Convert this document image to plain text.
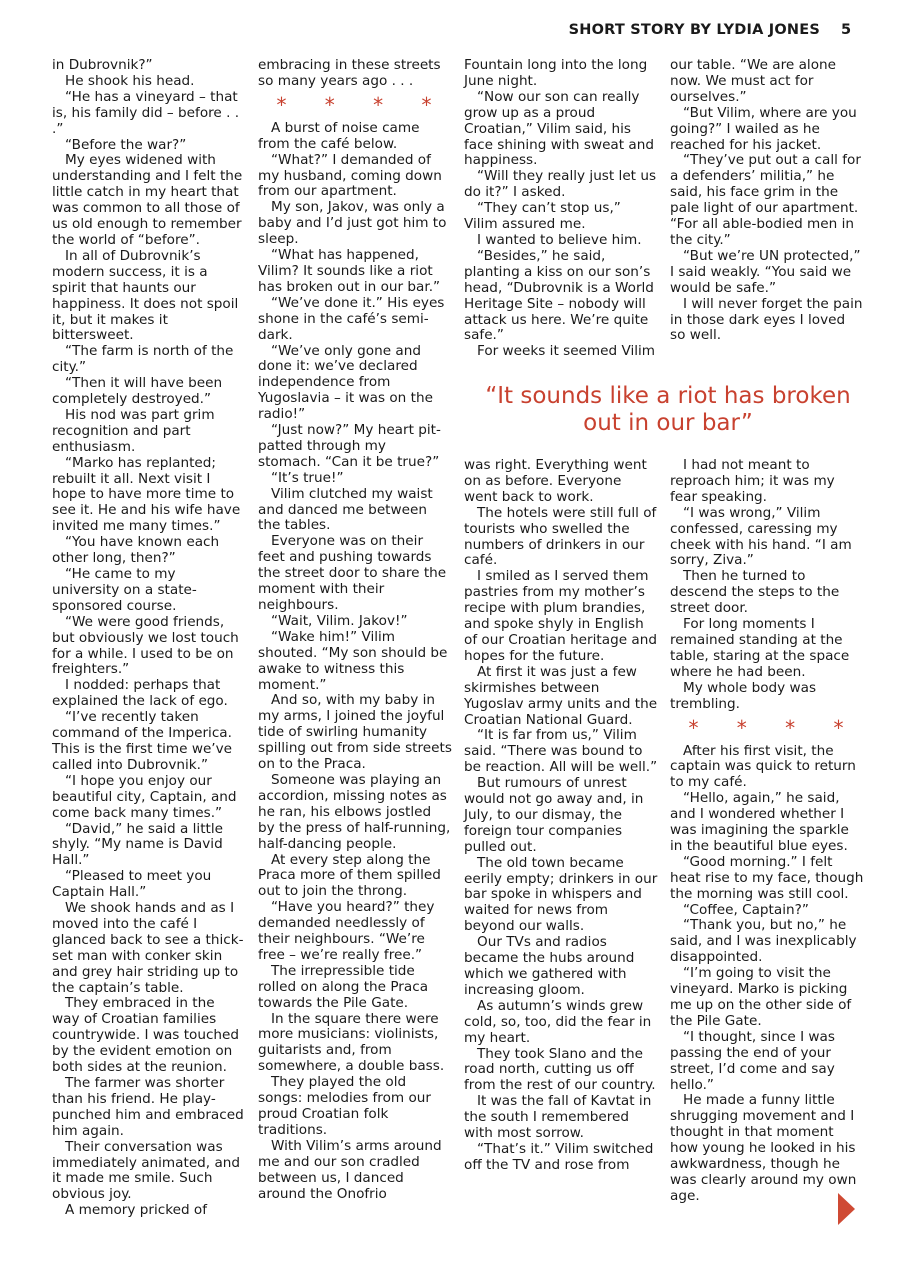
SHORT STORY BY LYDIA JONES	5

in Dubrovnik?”

He shook his head.

“He has a vineyard – that is, his family did – before . . .”

“Before the war?”

My eyes widened with understanding and I felt the little catch in my heart that was common to all those of us old enough to remember the world of “before”.

In all of Dubrovnik’s modern success, it is a spirit that haunts our happiness. It does not spoil it, but it makes it bittersweet.

“The farm is north of the city.”

“Then it will have been completely destroyed.”

His nod was part grim recognition and part enthusiasm.

“Marko has replanted; rebuilt it all. Next visit I hope to have more time to see it. He and his wife have invited me many times.”

“You have known each other long, then?”

“He came to my university on a state-sponsored course.

“We were good friends, but obviously we lost touch for a while. I used to be on freighters.”

I nodded: perhaps that explained the lack of ego.

“I’ve recently taken command of the Imperica. This is the first time we’ve called into Dubrovnik.”

“I hope you enjoy our beautiful city, Captain, and come back many times.”

“David,” he said a little shyly. “My name is David Hall.”

“Pleased to meet you Captain Hall.”

We shook hands and as I moved into the café I glanced back to see a thick-set man with conker skin and grey hair striding up to the captain’s table.

They embraced in the way of Croatian families countrywide. I was touched by the evident emotion on both sides at the reunion.

The farmer was shorter than his friend. He play-punched him and embraced him again.

Their conversation was immediately animated, and it made me smile. Such obvious joy.

A memory pricked of

embracing in these streets so many years ago . . .

* * * *

A burst of noise came from the café below.

“What?” I demanded of my husband, coming down from our apartment.

My son, Jakov, was only a baby and I’d just got him to sleep.

“What has happened, Vilim? It sounds like a riot has broken out in our bar.”

“We’ve done it.” His eyes shone in the café’s semi-dark.

“We’ve only gone and done it: we’ve declared independence from Yugoslavia – it was on the radio!”

“Just now?” My heart pit-patted through my stomach. “Can it be true?”

“It’s true!”

Vilim clutched my waist and danced me between the tables.

Everyone was on their feet and pushing towards the street door to share the moment with their neighbours.

“Wait, Vilim. Jakov!”

“Wake him!” Vilim shouted. “My son should be awake to witness this moment.”

And so, with my baby in my arms, I joined the joyful tide of swirling humanity spilling out from side streets on to the Praca.

Someone was playing an accordion, missing notes as he ran, his elbows jostled by the press of half-running, half-dancing people.

At every step along the Praca more of them spilled out to join the throng.

“Have you heard?” they demanded needlessly of their neighbours. “We’re free – we’re really free.”

The irrepressible tide rolled on along the Praca towards the Pile Gate.

In the square there were more musicians: violinists, guitarists and, from somewhere, a double bass.

They played the old songs: melodies from our proud Croatian folk traditions.

With Vilim’s arms around me and our son cradled between us, I danced around the Onofrio

Fountain long into the long June night.

“Now our son can really grow up as a proud Croatian,” Vilim said, his face shining with sweat and happiness.

“Will they really just let us do it?” I asked.

“They can’t stop us,” Vilim assured me.

I wanted to believe him.

“Besides,” he said, planting a kiss on our son’s head, “Dubrovnik is a World Heritage Site – nobody will attack us here. We’re quite safe.”

For weeks it seemed Vilim

our table. “We are alone now. We must act for ourselves.”

“But Vilim, where are you going?” I wailed as he reached for his jacket.

“They’ve put out a call for a defenders’ militia,” he said, his face grim in the pale light of our apartment. “For all able-bodied men in the city.”

“But we’re UN protected,” I said weakly. “You said we would be safe.”

I will never forget the pain in those dark eyes I loved so well.

“It sounds like a riot has broken out in our bar”

was right. Everything went on as before. Everyone went back to work.

The hotels were still full of tourists who swelled the numbers of drinkers in our café.

I smiled as I served them pastries from my mother’s recipe with plum brandies, and spoke shyly in English of our Croatian heritage and hopes for the future.

At first it was just a few skirmishes between Yugoslav army units and the Croatian National Guard.

“It is far from us,” Vilim said. “There was bound to be reaction. All will be well.”

But rumours of unrest would not go away and, in July, to our dismay, the foreign tour companies pulled out.

The old town became eerily empty; drinkers in our bar spoke in whispers and waited for news from beyond our walls.

Our TVs and radios became the hubs around which we gathered with increasing gloom.

As autumn’s winds grew cold, so, too, did the fear in my heart.

They took Slano and the road north, cutting us off from the rest of our country.

It was the fall of Kavtat in the south I remembered with most sorrow.

“That’s it.” Vilim switched off the TV and rose from

I had not meant to reproach him; it was my fear speaking.

“I was wrong,” Vilim confessed, caressing my cheek with his hand. “I am sorry, Ziva.”

Then he turned to descend the steps to the street door.

For long moments I remained standing at the table, staring at the space where he had been.

My whole body was trembling.

* * * *

After his first visit, the captain was quick to return to my café.

“Hello, again,” he said, and I wondered whether I was imagining the sparkle in the beautiful blue eyes.

“Good morning.” I felt heat rise to my face, though the morning was still cool.

“Coffee, Captain?”

“Thank you, but no,” he said, and I was inexplicably disappointed.

“I’m going to visit the vineyard. Marko is picking me up on the other side of the Pile Gate.

“I thought, since I was passing the end of your street, I’d come and say hello.”

He made a funny little shrugging movement and I thought in that moment how young he looked in his awkwardness, though he was clearly around my own age.
